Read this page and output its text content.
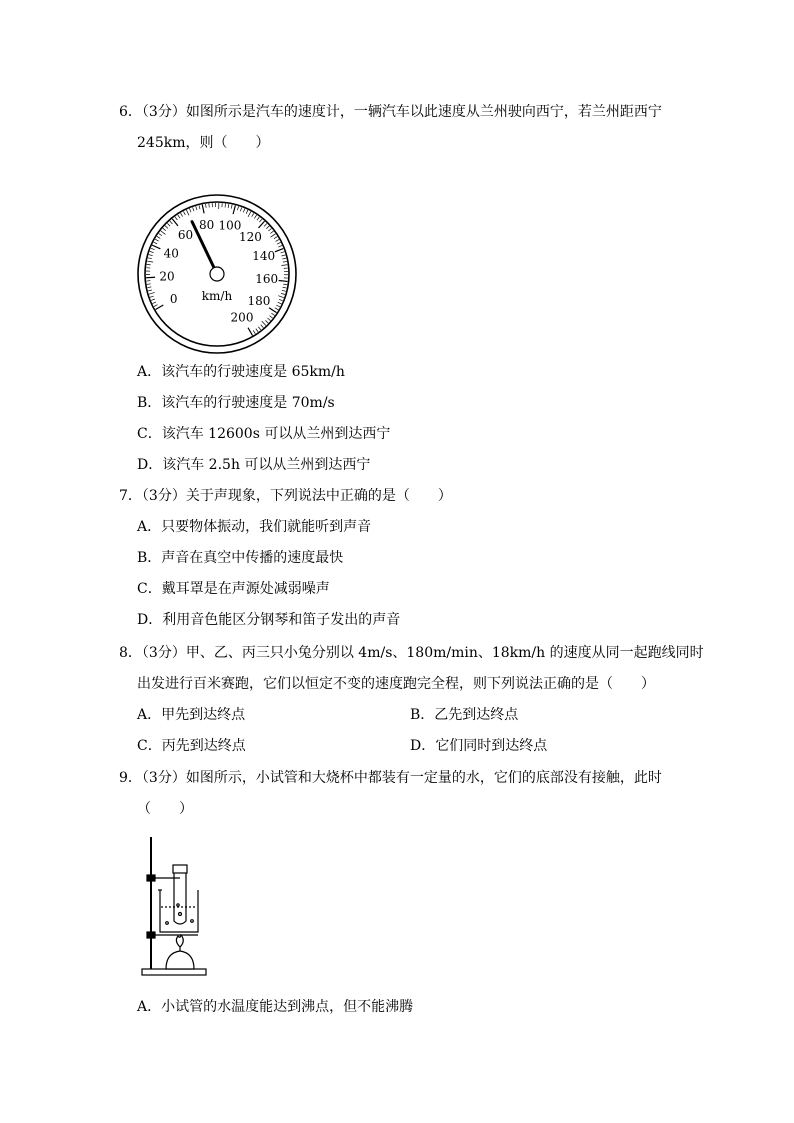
6．（3分）如图所示是汽车的速度计，一辆汽车以此速度从兰州驶向西宁，若兰州距西宁
245km，则（　　）
0
20
40
60
80 100
120
140
160
180
200
km/h
A．该汽车的行驶速度是 65km/h
B．该汽车的行驶速度是 70m/s
C．该汽车 12600s 可以从兰州到达西宁
D．该汽车 2.5h 可以从兰州到达西宁
7．（3分）关于声现象，下列说法中正确的是（　　）
A．只要物体振动，我们就能听到声音
B．声音在真空中传播的速度最快
C．戴耳罩是在声源处减弱噪声
D．利用音色能区分钢琴和笛子发出的声音
8．（3分）甲、乙、丙三只小兔分别以 4m/s、180m/min、18km/h 的速度从同一起跑线同时
出发进行百米赛跑，它们以恒定不变的速度跑完全程，则下列说法正确的是（　　）
A．甲先到达终点	B．乙先到达终点
C．丙先到达终点	D．它们同时到达终点
9．（3分）如图所示，小试管和大烧杯中都装有一定量的水，它们的底部没有接触，此时
（　　）
A．小试管的水温度能达到沸点，但不能沸腾
